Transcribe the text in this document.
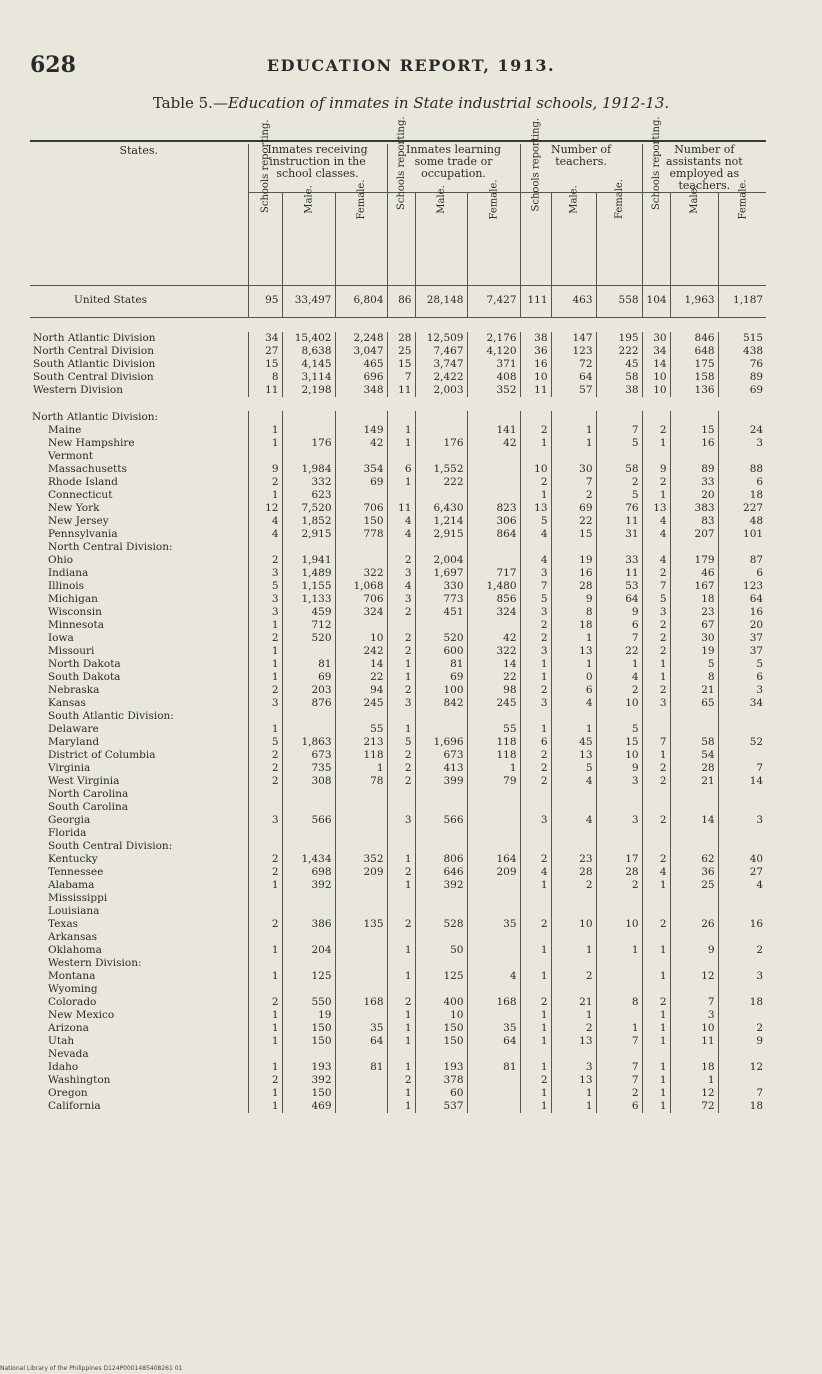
628	EDUCATION REPORT, 1913.
Table 5.—Education of inmates in State industrial schools, 1912-13.
States.	Inmates receiving instruction in the school classes.			Inmates learning some trade or occupation.			Number of teachers.			Number of assistants not employed as teachers.		

	Schools reporting.	Male.	Female.	Schools reporting.	Male.	Female.	Schools reporting.	Male.	Female.	Schools reporting.	Male.	Female.

United States	95	33,497	6,804	86	28,148	7,427	111	463	558	104	1,963	1,187

North Atlantic Division	34	15,402	2,248	28	12,509	2,176	38	147	195	30	846	515
North Central Division	27	8,638	3,047	25	7,467	4,120	36	123	222	34	648	438
South Atlantic Division	15	4,145	465	15	3,747	371	16	72	45	14	175	76
South Central Division	8	3,114	696	7	2,422	408	10	64	58	10	158	89
Western Division	11	2,198	348	11	2,003	352	11	57	38	10	136	69

North Atlantic Division:												
Maine	1		149	1		141	2	1	7	2	15	24
New Hampshire	1	176	42	1	176	42	1	1	5	1	16	3
Vermont												
Massachusetts	9	1,984	354	6	1,552		10	30	58	9	89	88
Rhode Island	2	332	69	1	222		2	7	2	2	33	6
Connecticut	1	623					1	2	5	1	20	18
New York	12	7,520	706	11	6,430	823	13	69	76	13	383	227
New Jersey	4	1,852	150	4	1,214	306	5	22	11	4	83	48
Pennsylvania	4	2,915	778	4	2,915	864	4	15	31	4	207	101
North Central Division:												
Ohio	2	1,941		2	2,004		4	19	33	4	179	87
Indiana	3	1,489	322	3	1,697	717	3	16	11	2	46	6
Illinois	5	1,155	1,068	4	330	1,480	7	28	53	7	167	123
Michigan	3	1,133	706	3	773	856	5	9	64	5	18	64
Wisconsin	3	459	324	2	451	324	3	8	9	3	23	16
Minnesota	1	712					2	18	6	2	67	20
Iowa	2	520	10	2	520	42	2	1	7	2	30	37
Missouri	1		242	2	600	322	3	13	22	2	19	37
North Dakota	1	81	14	1	81	14	1	1	1	1	5	5
South Dakota	1	69	22	1	69	22	1	0	4	1	8	6
Nebraska	2	203	94	2	100	98	2	6	2	2	21	3
Kansas	3	876	245	3	842	245	3	4	10	3	65	34
South Atlantic Division:												
Delaware	1		55	1		55	1	1	5			
Maryland	5	1,863	213	5	1,696	118	6	45	15	7	58	52
District of Columbia	2	673	118	2	673	118	2	13	10	1	54	
Virginia	2	735	1	2	413	1	2	5	9	2	28	7
West Virginia	2	308	78	2	399	79	2	4	3	2	21	14
North Carolina												
South Carolina												
Georgia	3	566		3	566		3	4	3	2	14	3
Florida												
South Central Division:												
Kentucky	2	1,434	352	1	806	164	2	23	17	2	62	40
Tennessee	2	698	209	2	646	209	4	28	28	4	36	27
Alabama	1	392		1	392		1	2	2	1	25	4
Mississippi												
Louisiana												
Texas	2	386	135	2	528	35	2	10	10	2	26	16
Arkansas												
Oklahoma	1	204		1	50		1	1	1	1	9	2
Western Division:												
Montana	1	125		1	125	4	1	2		1	12	3
Wyoming												
Colorado	2	550	168	2	400	168	2	21	8	2	7	18
New Mexico	1	19		1	10		1	1		1	3	
Arizona	1	150	35	1	150	35	1	2	1	1	10	2
Utah	1	150	64	1	150	64	1	13	7	1	11	9
Nevada												
Idaho	1	193	81	1	193	81	1	3	7	1	18	12
Washington	2	392		2	378		2	13	7	1	1	
Oregon	1	150		1	60		1	1	2	1	12	7
California	1	469		1	537		1	1	6	1	72	18
National Library of the Philippines D124P0001485408261 01
